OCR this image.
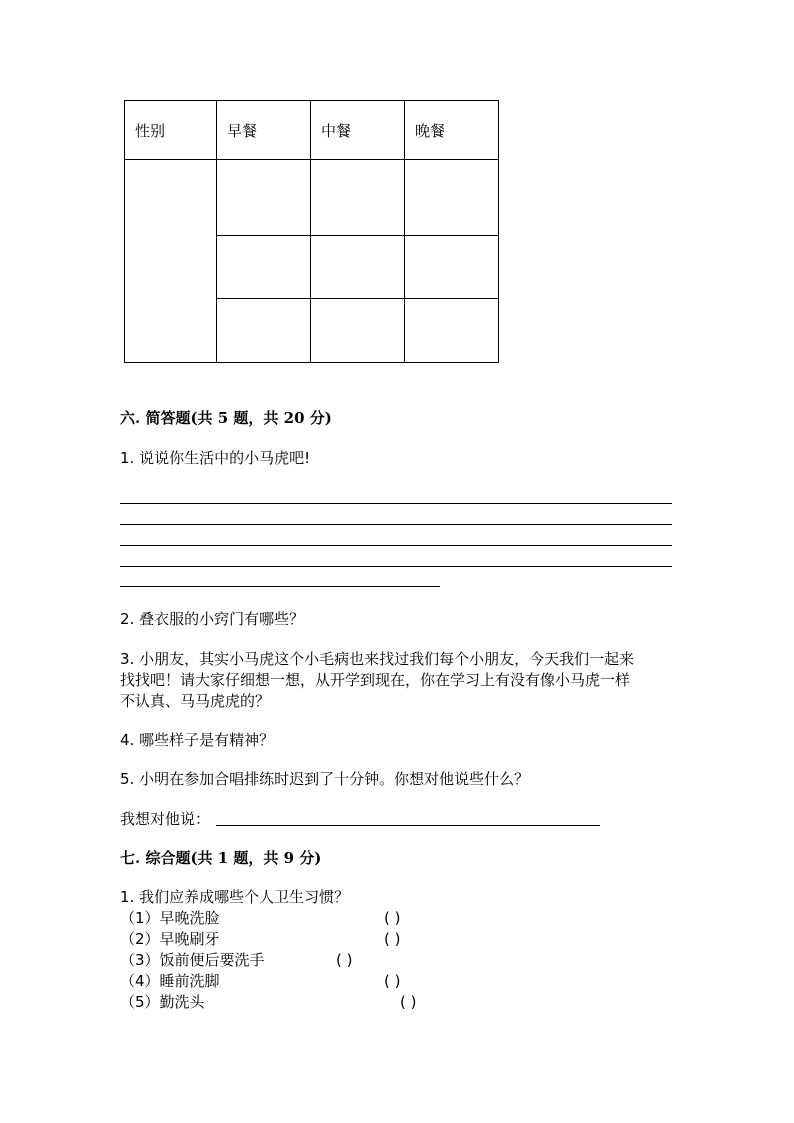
性别	早餐	中餐	晚餐

六. 简答题(共 5 题，共 20 分)
1. 说说你生活中的小马虎吧!
2. 叠衣服的小窍门有哪些？
3. 小朋友，其实小马虎这个小毛病也来找过我们每个小朋友，今天我们一起来
找找吧！请大家仔细想一想，从开学到现在，你在学习上有没有像小马虎一样
不认真、马马虎虎的？
4. 哪些样子是有精神？
5. 小明在参加合唱排练时迟到了十分钟。你想对他说些什么？
我想对他说：
七. 综合题(共 1 题，共 9 分)
1. 我们应养成哪些个人卫生习惯？
（1）早晚洗脸	( )
（2）早晚刷牙	( )
（3）饭前便后要洗手	( )
（4）睡前洗脚	( )
（5）勤洗头	( )
